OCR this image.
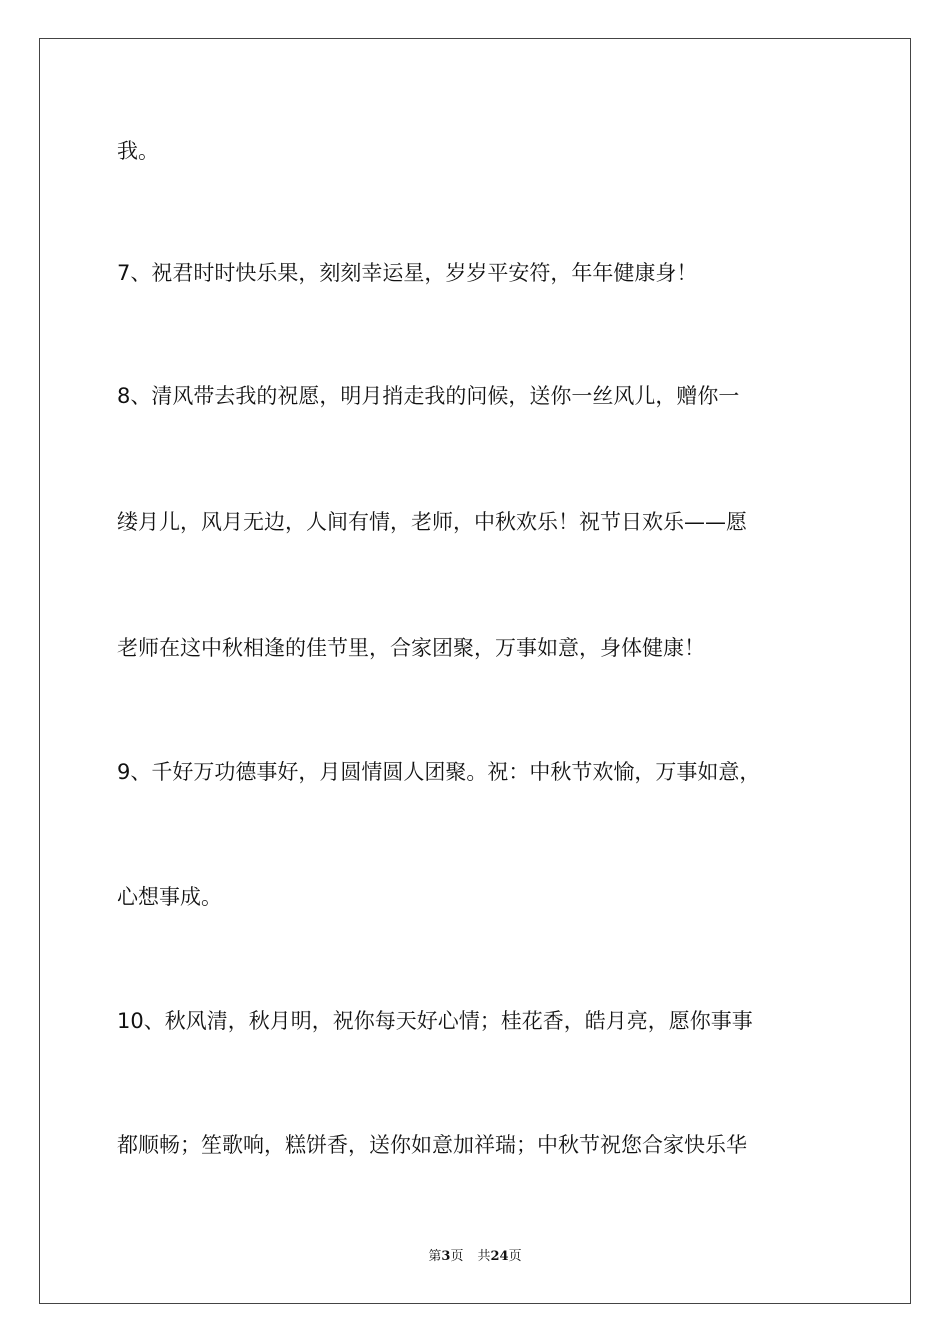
我。
7、祝君时时快乐果，刻刻幸运星，岁岁平安符，年年健康身！
8、清风带去我的祝愿，明月捎走我的问候，送你一丝风儿，赠你一
缕月儿，风月无边，人间有情，老师，中秋欢乐！祝节日欢乐——愿
老师在这中秋相逢的佳节里，合家团聚，万事如意，身体健康！
9、千好万功德事好，月圆情圆人团聚。祝：中秋节欢愉，万事如意，
心想事成。
10、秋风清，秋月明，祝你每天好心情；桂花香，皓月亮，愿你事事
都顺畅；笙歌响，糕饼香，送你如意加祥瑞；中秋节祝您合家快乐华
第3页 共24页
